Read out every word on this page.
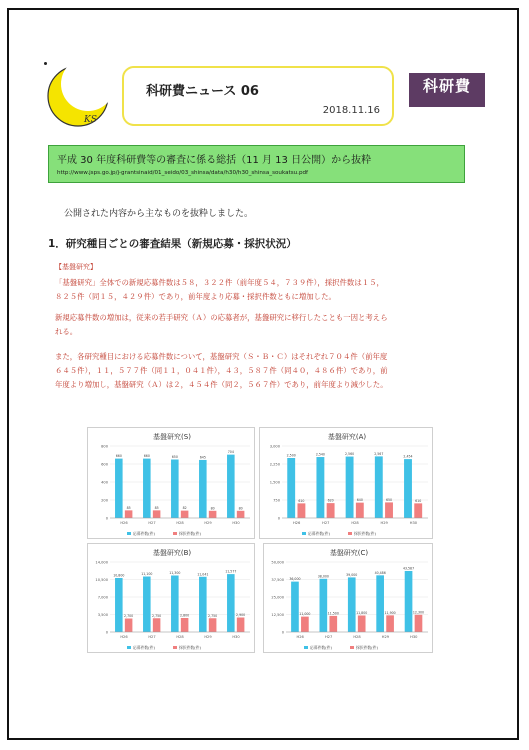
KS
科研費ニュース 06
2018.11.16
科研費
平成 30 年度科研費等の審査に係る総括（11 月 13 日公開）から抜粋
http://www.jsps.go.jp/j-grantsinaid/01_seido/03_shinsa/data/h30/h30_shinsa_soukatsu.pdf
公開された内容から主なものを抜粋しました。
1．研究種目ごとの審査結果（新規応募・採択状況）
【基盤研究】
「基盤研究」全体での新規応募件数は５８，３２２件（前年度５４，７３９件），採択件数は１５，
８２５件（同１５，４２９件）であり，前年度より応募・採択件数ともに増加した。
新規応募件数の増加は，従来の若手研究（Ａ）の応募者が，基盤研究に移行したことも一因と考えら
れる。
また，各研究種目における応募件数について，基盤研究（Ｓ・Ｂ・Ｃ）はそれぞれ７０４件（前年度
６４５件），１１，５７７件（同１１，０４１件），４３，５８７件（同４０，４８６件）であり，前
年度より増加し，基盤研究（Ａ）は２，４５４件（同２，５６７件）であり，前年度より減少した。
基盤研究(S)
0
200
400
600
800
660
85
H26
660
85
H27
650
82
H28
645
80
H29
704
80
H30
応募件数(件)	採択件数(件)
基盤研究(A)
0
750
1,500
2,250
3,000
2,500
610
H26
2,540
620
H27
2,560
640
H28
2,567
650
H29
2,454
610
H30
応募件数(件)	採択件数(件)
基盤研究(B)
0
3,500
7,000
10,500
14,000
10,800
2,700
H26
11,100
2,750
H27
11,300
2,800
H28
11,041
2,750
H29
11,577
2,900
H30
応募件数(件)	採択件数(件)
基盤研究(C)
0
12,500
25,000
37,500
50,000
36,000
11,000
H26
38,000
11,500
H27
39,000
11,800
H28
40,486
11,900
H29
43,587
12,300
H30
応募件数(件)	採択件数(件)
